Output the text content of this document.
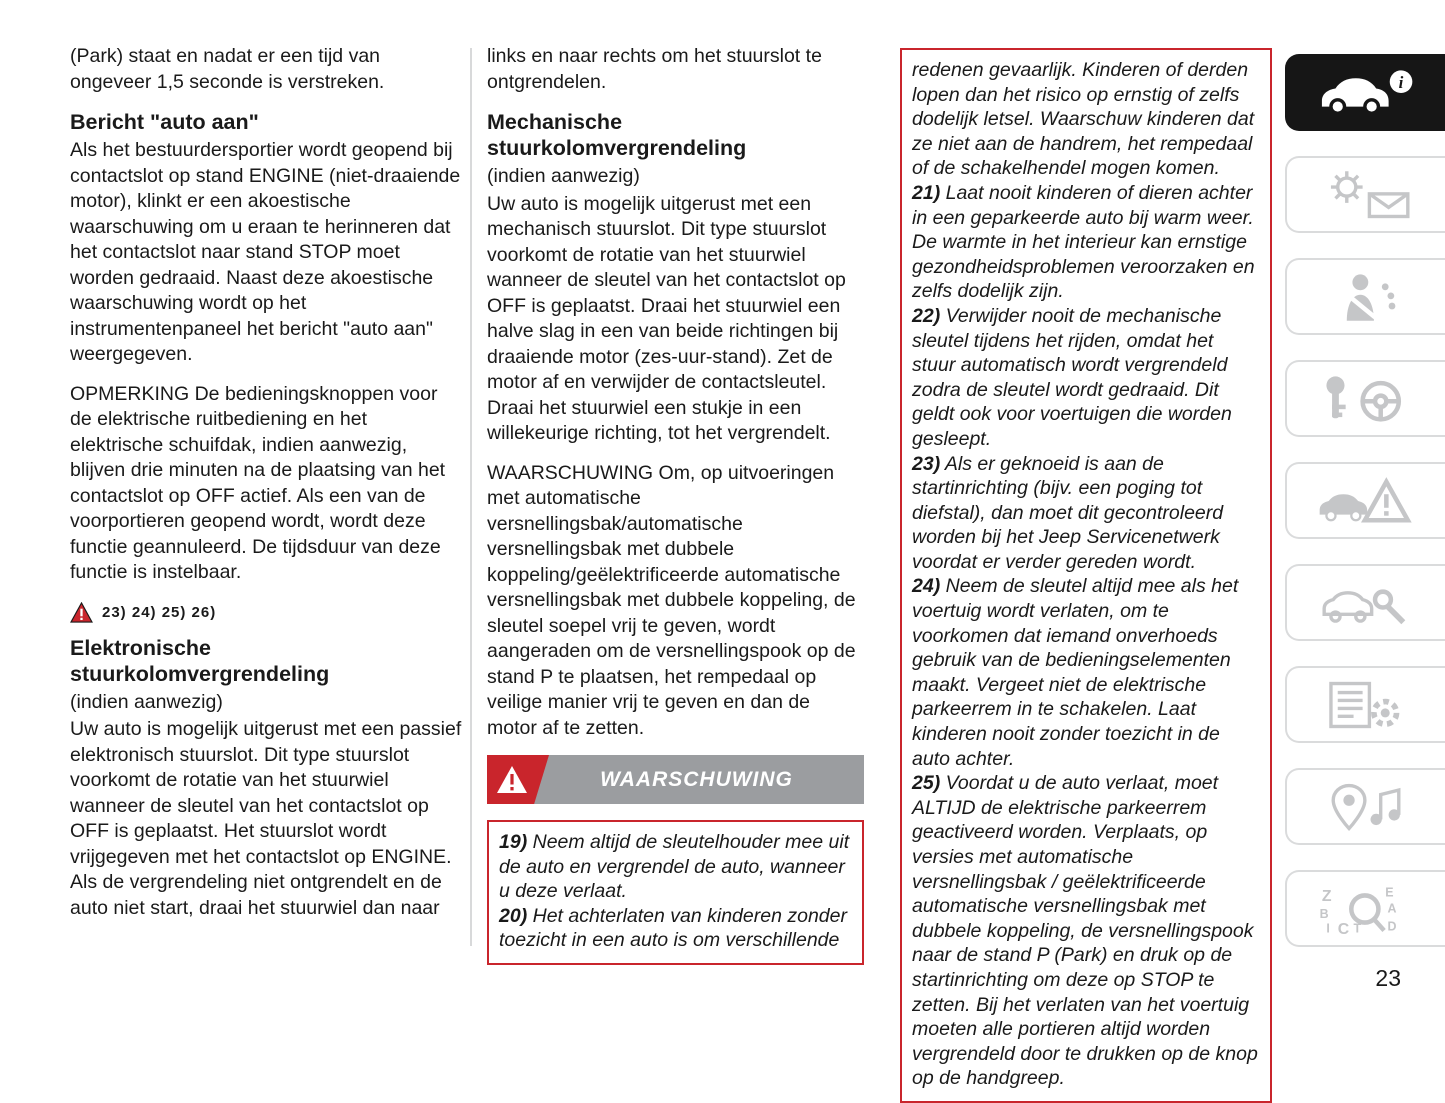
(Park) staat en nadat er een tijd van ongeveer 1,5 seconde is verstreken.

Bericht "auto aan"

Als het bestuurdersportier wordt geopend bij contactslot op stand ENGINE (niet-draaiende motor), klinkt er een akoestische waarschuwing om u eraan te herinneren dat het contactslot naar stand STOP moet worden gedraaid. Naast deze akoestische waarschuwing wordt op het instrumentenpaneel het bericht "auto aan" weergegeven.

OPMERKING De bedieningsknoppen voor de elektrische ruitbediening en het elektrische schuifdak, indien aanwezig, blijven drie minuten na de plaatsing van het contactslot op OFF actief. Als een van de voorportieren geopend wordt, wordt deze functie geannuleerd. De tijdsduur van deze functie is instelbaar.

23) 24) 25) 26)
Elektronische stuurkolomvergrendeling

(indien aanwezig)

Uw auto is mogelijk uitgerust met een passief elektronisch stuurslot. Dit type stuurslot voorkomt de rotatie van het stuurwiel wanneer de sleutel van het contactslot op OFF is geplaatst. Het stuurslot wordt vrijgegeven met het contactslot op ENGINE. Als de vergrendeling niet ontgrendelt en de auto niet start, draai het stuurwiel dan naar

links en naar rechts om het stuurslot te ontgrendelen.

Mechanische stuurkolomvergrendeling

(indien aanwezig)

Uw auto is mogelijk uitgerust met een mechanisch stuurslot. Dit type stuurslot voorkomt de rotatie van het stuurwiel wanneer de sleutel van het contactslot op OFF is geplaatst. Draai het stuurwiel een halve slag in een van beide richtingen bij draaiende motor (zes-uur-stand). Zet de motor af en verwijder de contactsleutel. Draai het stuurwiel een stukje in een willekeurige richting, tot het vergrendelt.

WAARSCHUWING Om, op uitvoeringen met automatische versnellingsbak/automatische versnellingsbak met dubbele koppeling/geëlektrificeerde automatische versnellingsbak met dubbele koppeling, de sleutel soepel vrij te geven, wordt aangeraden om de versnellingspook op de stand P te plaatsen, het rempedaal op veilige manier vrij te geven en dan de motor af te zetten.

WAARSCHUWING

19) Neem altijd de sleutelhouder mee uit de auto en vergrendel de auto, wanneer u deze verlaat.

20) Het achterlaten van kinderen zonder toezicht in een auto is om verschillende

redenen gevaarlijk. Kinderen of derden lopen dan het risico op ernstig of zelfs dodelijk letsel. Waarschuw kinderen dat ze niet aan de handrem, het rempedaal of de schakelhendel mogen komen.

21) Laat nooit kinderen of dieren achter in een geparkeerde auto bij warm weer. De warmte in het interieur kan ernstige gezondheidsproblemen veroorzaken en zelfs dodelijk zijn.

22) Verwijder nooit de mechanische sleutel tijdens het rijden, omdat het stuur automatisch wordt vergrendeld zodra de sleutel wordt gedraaid. Dit geldt ook voor voertuigen die worden gesleept.

23) Als er geknoeid is aan de startinrichting (bijv. een poging tot diefstal), dan moet dit gecontroleerd worden bij het Jeep Servicenetwerk voordat er verder gereden wordt.

24) Neem de sleutel altijd mee als het voertuig wordt verlaten, om te voorkomen dat iemand onverhoeds gebruik van de bedieningselementen maakt. Vergeet niet de elektrische parkeerrem in te schakelen. Laat kinderen nooit zonder toezicht in de auto achter.

25) Voordat u de auto verlaat, moet ALTIJD de elektrische parkeerrem geactiveerd worden. Verplaats, op versies met automatische versnellingsbak / geëlektrificeerde automatische versnellingsbak met dubbele koppeling, de versnellingspook naar de stand P (Park) en druk op de startinrichting om deze op STOP te zetten. Bij het verlaten van het voertuig moeten alle portieren altijd worden vergrendeld door te drukken op de knop op de handgreep.

i
Z	E
B	A
I C T D
23
